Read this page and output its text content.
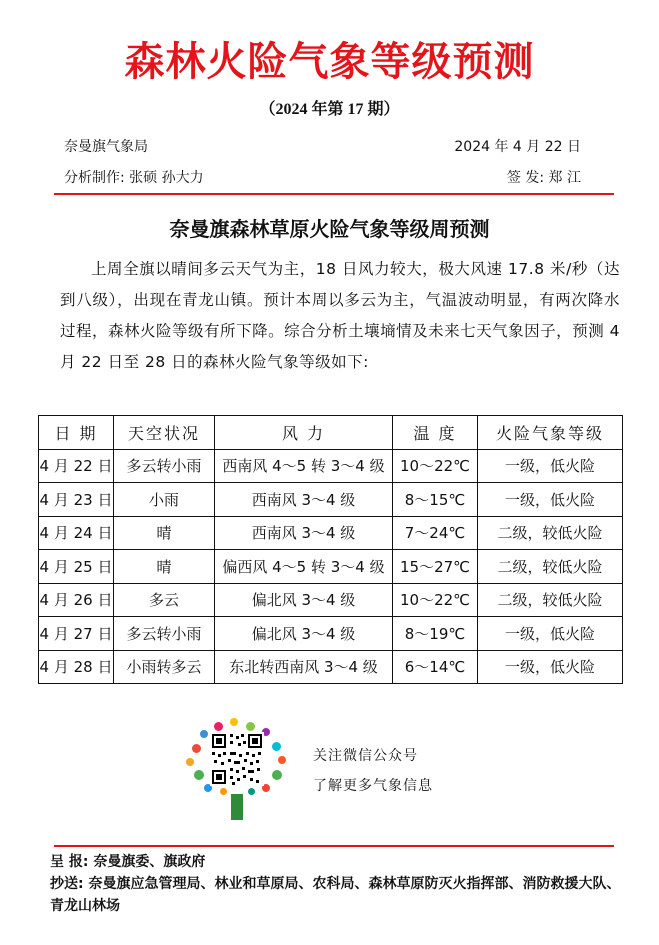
森林火险气象等级预测
（2024 年第 17 期）
奈曼旗气象局	2024 年 4 月 22 日
分析制作: 张硕 孙大力	签 发: 郑 江
奈曼旗森林草原火险气象等级周预测
上周全旗以晴间多云天气为主，18 日风力较大，极大风速 17.8 米/秒（达到八级），出现在青龙山镇。预计本周以多云为主，气温波动明显，有两次降水过程，森林火险等级有所下降。综合分析土壤墒情及未来七天气象因子，预测 4 月 22 日至 28 日的森林火险气象等级如下:
日 期	天空状况	风 力	温 度	火险气象等级
4 月 22 日	多云转小雨	西南风 4～5 转 3～4 级	10～22℃	一级，低火险
4 月 23 日	小雨	西南风 3～4 级	8～15℃	一级，低火险
4 月 24 日	晴	西南风 3～4 级	7～24℃	二级，较低火险
4 月 25 日	晴	偏西风 4～5 转 3～4 级	15～27℃	二级，较低火险
4 月 26 日	多云	偏北风 3～4 级	10～22℃	二级，较低火险
4 月 27 日	多云转小雨	偏北风 3～4 级	8～19℃	一级，低火险
4 月 28 日	小雨转多云	东北转西南风 3～4 级	6～14℃	一级，低火险
关注微信公众号
了解更多气象信息
呈 报: 奈曼旗委、旗政府
抄送: 奈曼旗应急管理局、林业和草原局、农科局、森林草原防灭火指挥部、消防救援大队、青龙山林场
